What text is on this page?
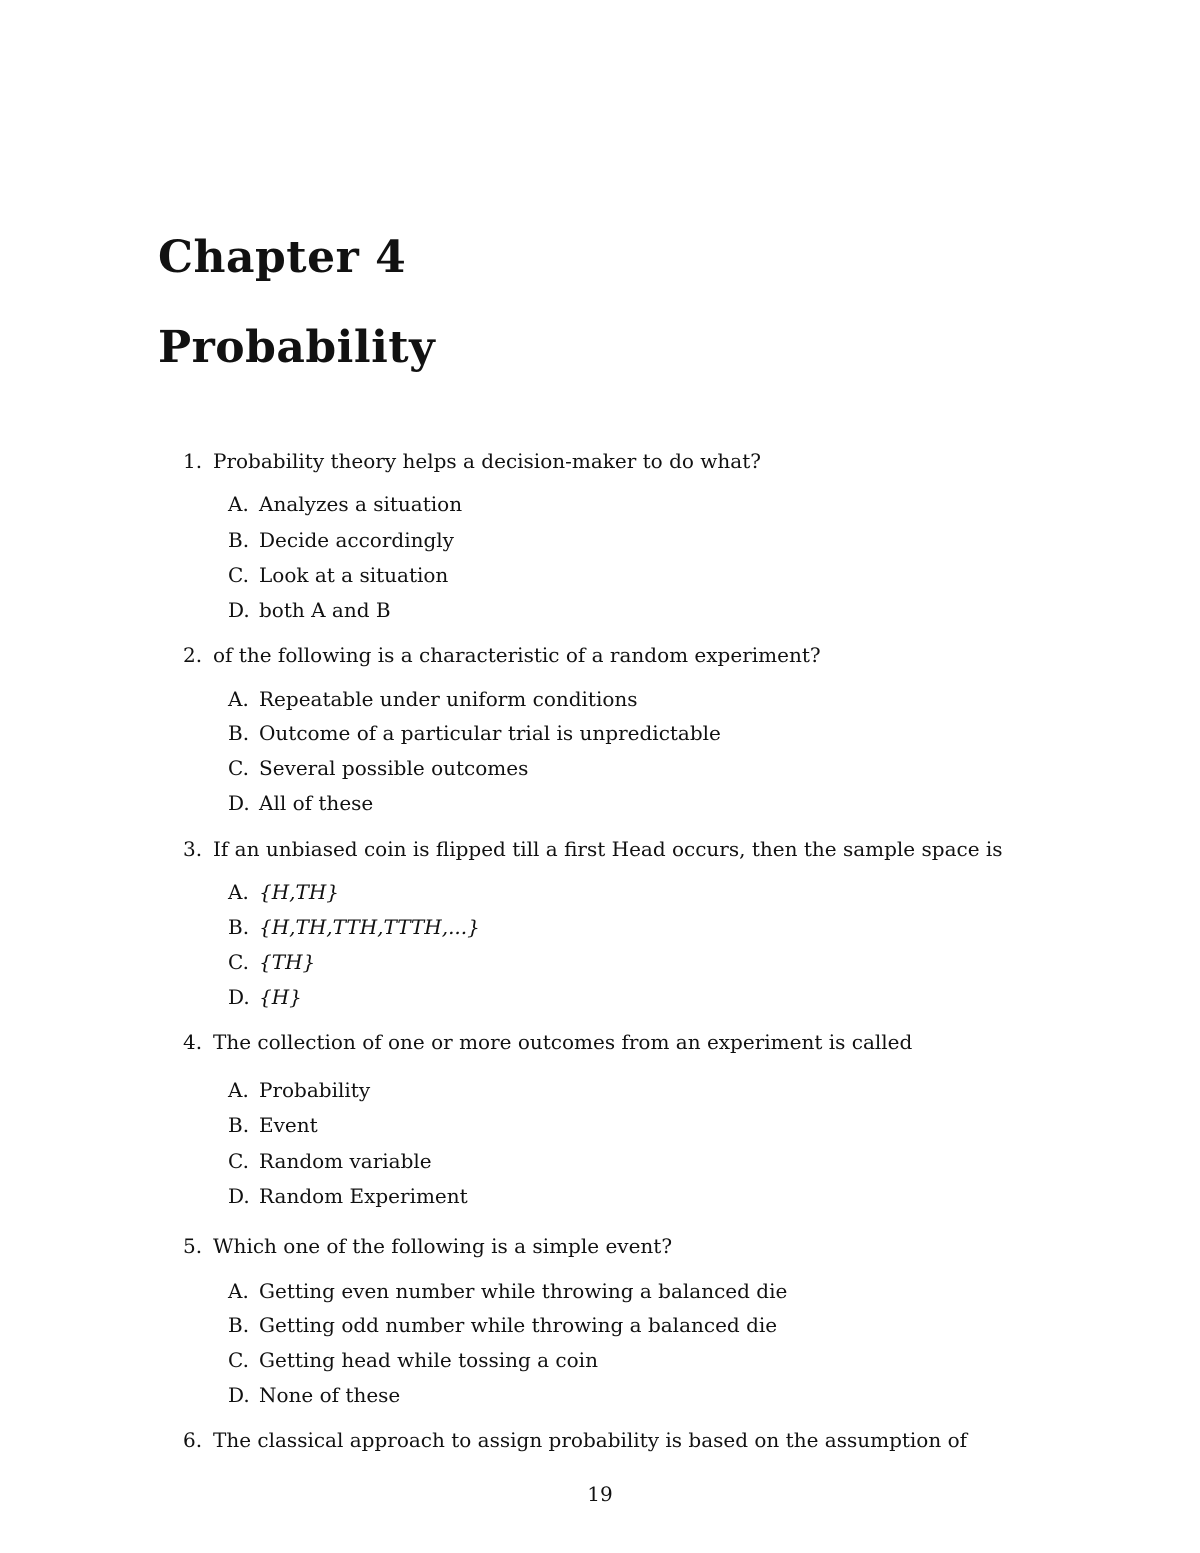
Chapter 4
Probability
1. Probability theory helps a decision-maker to do what?
A. Analyzes a situation
B. Decide accordingly
C. Look at a situation
D. both A and B
2. of the following is a characteristic of a random experiment?
A. Repeatable under uniform conditions
B. Outcome of a particular trial is unpredictable
C. Several possible outcomes
D. All of these
3. If an unbiased coin is flipped till a first Head occurs, then the sample space is
A. {H,TH}
B. {H,TH,TTH,TTTH,...}
C. {TH}
D. {H}
4. The collection of one or more outcomes from an experiment is called
A. Probability
B. Event
C. Random variable
D. Random Experiment
5. Which one of the following is a simple event?
A. Getting even number while throwing a balanced die
B. Getting odd number while throwing a balanced die
C. Getting head while tossing a coin
D. None of these
6. The classical approach to assign probability is based on the assumption of
19
